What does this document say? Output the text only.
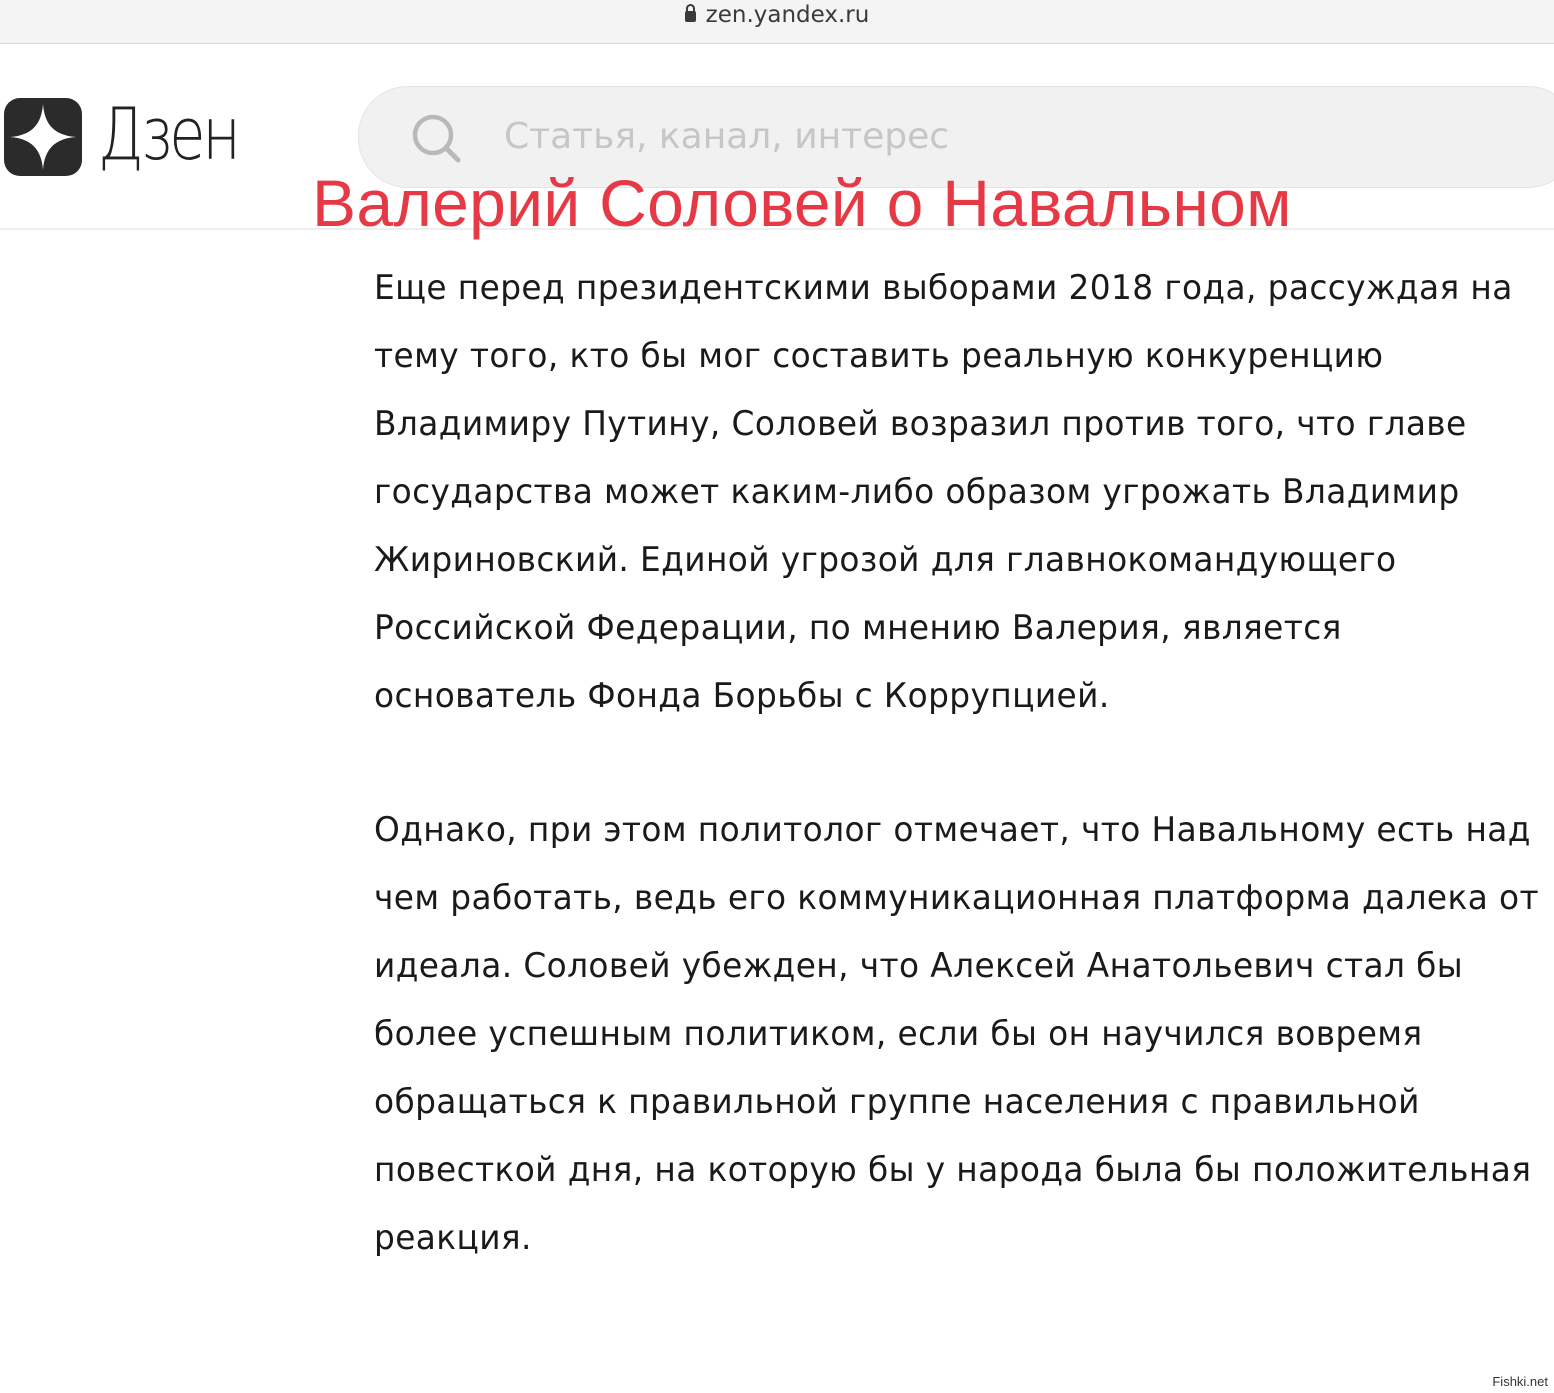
zen.yandex.ru
Дзен
Статья, канал, интерес
Валерий Соловей о Навальном

Еще перед президентскими выборами 2018 года, рассуждая на тему того, кто бы мог составить реальную конкуренцию Владимиру Путину, Соловей возразил против того, что главе государства может каким-либо образом угрожать Владимир Жириновский. Единой угрозой для главнокомандующего Российской Федерации, по мнению Валерия, является основатель Фонда Борьбы с Коррупцией.

Однако, при этом политолог отмечает, что Навальному есть над чем работать, ведь его коммуникационная платформа далека от идеала. Соловей убежден, что Алексей Анатольевич стал бы более успешным политиком, если бы он научился вовремя обращаться к правильной группе населения с правильной повесткой дня, на которую бы у народа была бы положительная реакция.

Fishki.net
